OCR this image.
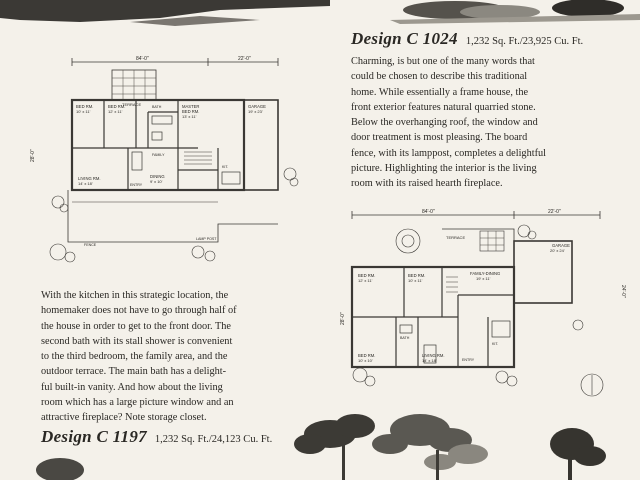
Design C 1024 1,232 Sq. Ft./23,925 Cu. Ft.
Charming, is but one of the many words that
could be chosen to describe this traditional
home. While essentially a frame house, the
front exterior features natural quarried stone.
Below the overhanging roof, the window and
door treatment is most pleasing. The board
fence, with its lamppost, completes a delightful
picture. Highlighting the interior is the living
room with its raised hearth fireplace.
84'-0"	22'-0"
28'-0"
TERRACE
BED RM.
10' x 11'
BED RM.
12' x 11'
BATH	MASTER
BED RM.
13' x 11'
GARAGE
19' x 23'
FAMILY
DINING
9' x 10'
LIVING RM.
14' x 18'	ENTRY
KIT.
FENCE
LAMP POST
With the kitchen in this strategic location, the
homemaker does not have to go through half of
the house in order to get to the front door. The
second bath with its stall shower is convenient
to the third bedroom, the family area, and the
outdoor terrace. The main bath has a delight-
ful built-in vanity. And how about the living
room which has a large picture window and an
attractive fireplace? Note storage closet.
Design C 1197 1,232 Sq. Ft./24,123 Cu. Ft.
84'-0"	22'-0"
28'-0"
24'-0"
TERRACE
GARAGE
20' x 24'
BED RM.
12' x 11'
BED RM.
10' x 11'
FAMILY-DINING
19' x 11'
BED RM.
10' x 10'
LIVING RM.
14' x 18'
BATH
ENTRY
KIT.
